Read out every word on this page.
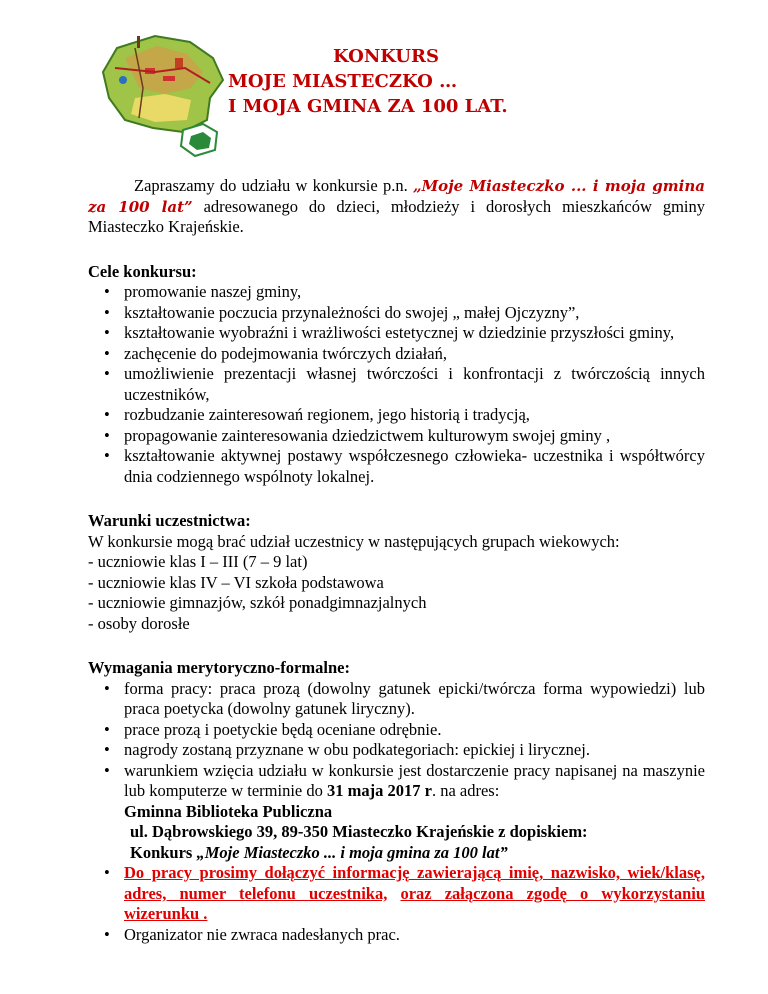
KONKURS
MOJE MIASTECZKO …
I MOJA GMINA ZA 100 LAT.

Zapraszamy do udziału w konkursie p.n. „Moje Miasteczko ... i moja gmina za 100 lat” adresowanego do dzieci, młodzieży i dorosłych mieszkańców gminy Miasteczko Krajeńskie.

Cele konkursu:
• promowanie naszej gminy,
• kształtowanie poczucia przynależności do swojej „ małej Ojczyzny”,
• kształtowanie wyobraźni i wrażliwości estetycznej w dziedzinie przyszłości gminy,
• zachęcenie do podejmowania twórczych działań,
• umożliwienie prezentacji własnej twórczości i konfrontacji z twórczością innych uczestników,
• rozbudzanie zainteresowań regionem, jego historią i tradycją,
• propagowanie zainteresowania dziedzictwem kulturowym swojej gminy ,
• kształtowanie aktywnej postawy współczesnego człowieka- uczestnika i współtwórcy dnia codziennego wspólnoty lokalnej.
Warunki uczestnictwa:

W konkursie mogą brać udział uczestnicy w następujących grupach wiekowych:

- uczniowie klas I – III (7 – 9 lat)

- uczniowie klas IV – VI szkoła podstawowa

- uczniowie gimnazjów, szkół ponadgimnazjalnych

- osoby dorosłe

Wymagania merytoryczno-formalne:
• forma pracy: praca prozą (dowolny gatunek epicki/twórcza forma wypowiedzi) lub praca poetycka (dowolny gatunek liryczny).
• prace prozą i poetyckie będą oceniane odrębnie.
• nagrody zostaną przyznane w obu podkategoriach: epickiej i lirycznej.
• warunkiem wzięcia udziału w konkursie jest dostarczenie pracy napisanej na maszynie lub komputerze w terminie do 31 maja 2017 r. na adres:
Gminna Biblioteka Publiczna
ul. Dąbrowskiego 39, 89-350 Miasteczko Krajeńskie z dopiskiem:
Konkurs „Moje Miasteczko ... i moja gmina za 100 lat”
• Do pracy prosimy dołączyć informację zawierającą imię, nazwisko, wiek/klasę, adres, numer telefonu uczestnika, oraz załączona zgodę o wykorzystaniu wizerunku .
• Organizator nie zwraca nadesłanych prac.
